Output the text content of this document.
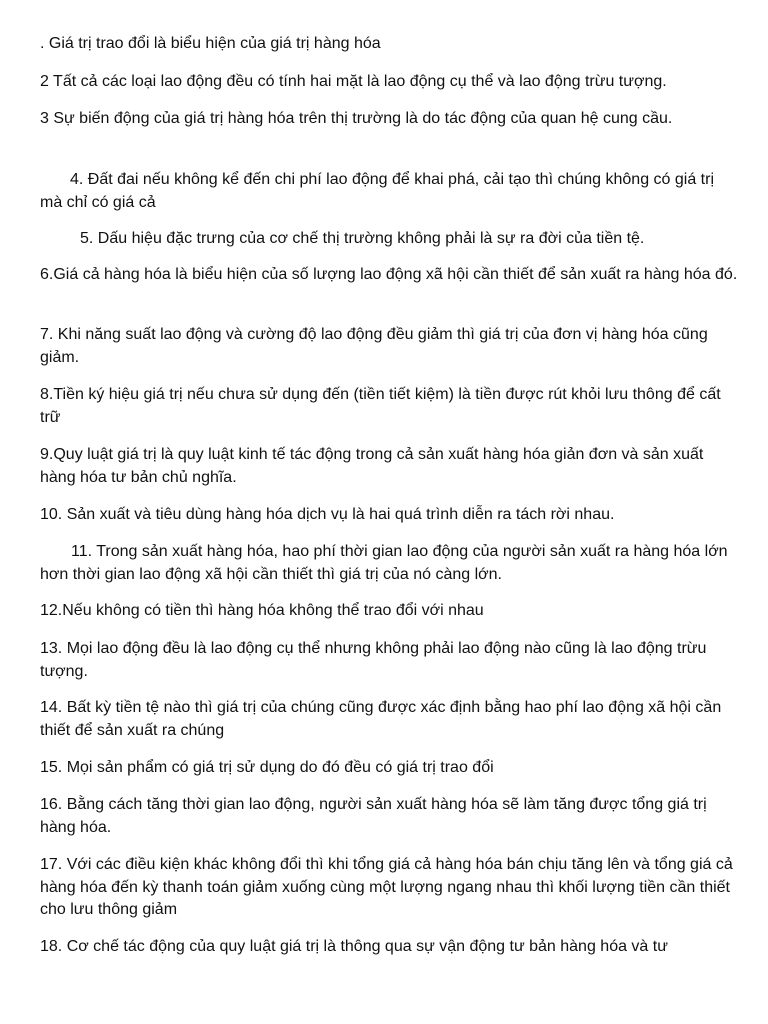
. Giá trị trao đổi là biểu hiện của giá trị hàng hóa

2 Tất cả các loại lao động đều có tính hai mặt là lao động cụ thể và lao động trừu tượng.

3 Sự biến động của giá trị hàng hóa trên thị trường là do tác động của quan hệ cung cầu.

4. Đất đai nếu không kể đến chi phí lao động để khai phá, cải tạo thì chúng không có giá trị mà chỉ có giá cả

5. Dấu hiệu đặc trưng của cơ chế thị trường không phải là sự ra đời của tiền tệ.

6.Giá cả hàng hóa là biểu hiện của số lượng lao động xã hội cần thiết để sản xuất ra hàng hóa đó.

7. Khi năng suất lao động và cường độ lao động đều giảm thì giá trị của đơn vị hàng hóa cũng giảm.

8.Tiền ký hiệu giá trị nếu chưa sử dụng đến (tiền tiết kiệm) là tiền được rút khỏi lưu thông để cất trữ

9.Quy luật giá trị là quy luật kinh tế tác động trong cả sản xuất hàng hóa giản đơn và sản xuất hàng hóa tư bản chủ nghĩa.

10. Sản xuất và tiêu dùng hàng hóa dịch vụ là hai quá trình diễn ra tách rời nhau.

11. Trong sản xuất hàng hóa, hao phí thời gian lao động của người sản xuất ra hàng hóa lớn hơn thời gian lao động xã hội cần thiết thì giá trị của nó càng lớn.

12.Nếu không có tiền thì hàng hóa không thể trao đổi với nhau

13. Mọi lao động đều là lao động cụ thể nhưng không phải lao động nào cũng là lao động trừu tượng.

14. Bất kỳ tiền tệ nào thì giá trị của chúng cũng được xác định bằng hao phí lao động xã hội cần thiết để sản xuất ra chúng

15. Mọi sản phẩm có giá trị sử dụng do đó đều có giá trị trao đổi

16. Bằng cách tăng thời gian lao động, người sản xuất hàng hóa sẽ làm tăng được tổng giá trị hàng hóa.

17. Với các điều kiện khác không đổi thì khi tổng giá cả hàng hóa bán chịu tăng lên và tổng giá cả hàng hóa đến kỳ thanh toán giảm xuống cùng một lượng ngang nhau thì khối lượng tiền cần thiết cho lưu thông giảm

18. Cơ chế tác động của quy luật giá trị là thông qua sự vận động tư bản hàng hóa và tư
